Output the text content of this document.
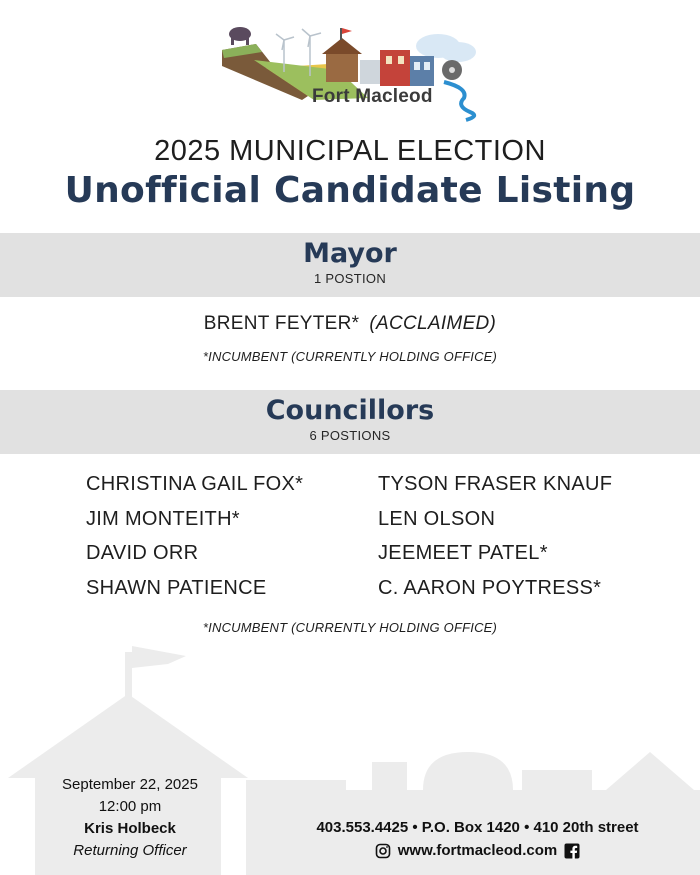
Fort Macleod
2025 MUNICIPAL ELECTION
Unofficial Candidate Listing
Mayor
1 POSTION
BRENT FEYTER* (ACCLAIMED)
*INCUMBENT (CURRENTLY HOLDING OFFICE)
Councillors
6 POSTIONS
CHRISTINA GAIL FOX*
JIM MONTEITH*
DAVID ORR
SHAWN PATIENCE
TYSON FRASER KNAUF
LEN OLSON
JEEMEET PATEL*
C. AARON POYTRESS*
*INCUMBENT (CURRENTLY HOLDING OFFICE)
September 22, 2025
12:00 pm
Kris Holbeck
Returning Officer
403.553.4425 • P.O. Box 1420 • 410 20th street
www.fortmacleod.com
